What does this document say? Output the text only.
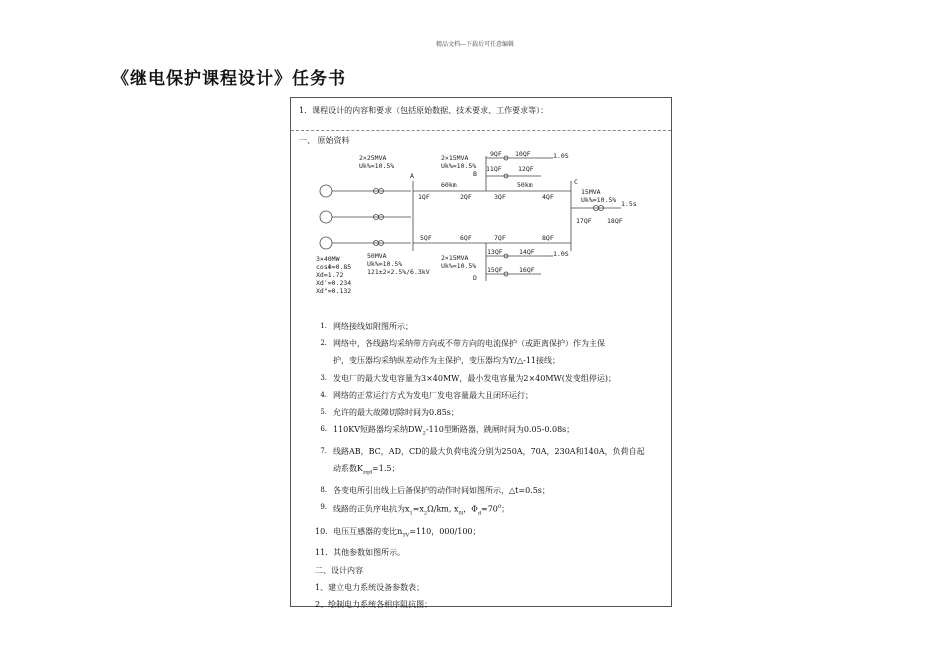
精品文档---下载后可任意编辑
《继电保护课程设计》任务书
1．课程设计的内容和要求（包括原始数据、技术要求、工作要求等）：
一、 原始资料
2×25MVA
Uk%=10.5%
A
2×15MVA
Uk%=10.5%
B
9QF 10QF
11QF	12QF
1.0S
60km	50km	C
15MVA
Uk%=10.5% 1.5s
17QF 18QF
1QF	2QF	3QF	4QF
5QF	6QF	7QF	8QF
2×15MVA
Uk%=10.5%
D
13QF	14QF
15QF	16QF
1.0S
50MVA
Uk%=10.5%
121±2×2.5%/6.3kV
3×40MW
cosΦ=0.85
Xd=1.72
Xd'=0.234
Xd"=0.132
1. 网络接线如附图所示；
2. 网络中，各线路均采纳带方向或不带方向的电流保护（或距离保护）作为主保
护，变压器均采纳纵差动作为主保护，变压器均为Y/△-11接线；
3. 发电厂的最大发电容量为3×40MW，最小发电容量为2×40MW(发变组停运)；
4. 网络的正常运行方式为发电厂发电容量最大且闭环运行；
5. 允许的最大故障切除时间为0.85s；
6. 110KV短路器均采纳$DW_2-110$型断路器，跳闸时间为0.05-0.08s；
7. 线路AB，BC，AD，CD的最大负荷电流分别为250A，70A，230A和140A，负荷自起
动系数$K_{zqd}=1.5$；
8. 各变电所引出线上后备保护的动作时间如图所示，△t=0.5s；
9. 线路的正负序电抗为$x_1=x_2\Omega/km$, $x_{0l}$，$\Phi_d=70^0$；
10．电压互感器的变比$n_{TV}=110$，000/100；
11．其他参数如图所示。
二、设计内容
1、建立电力系统设备参数表；
2、绘制电力系统各相序阻抗图；
